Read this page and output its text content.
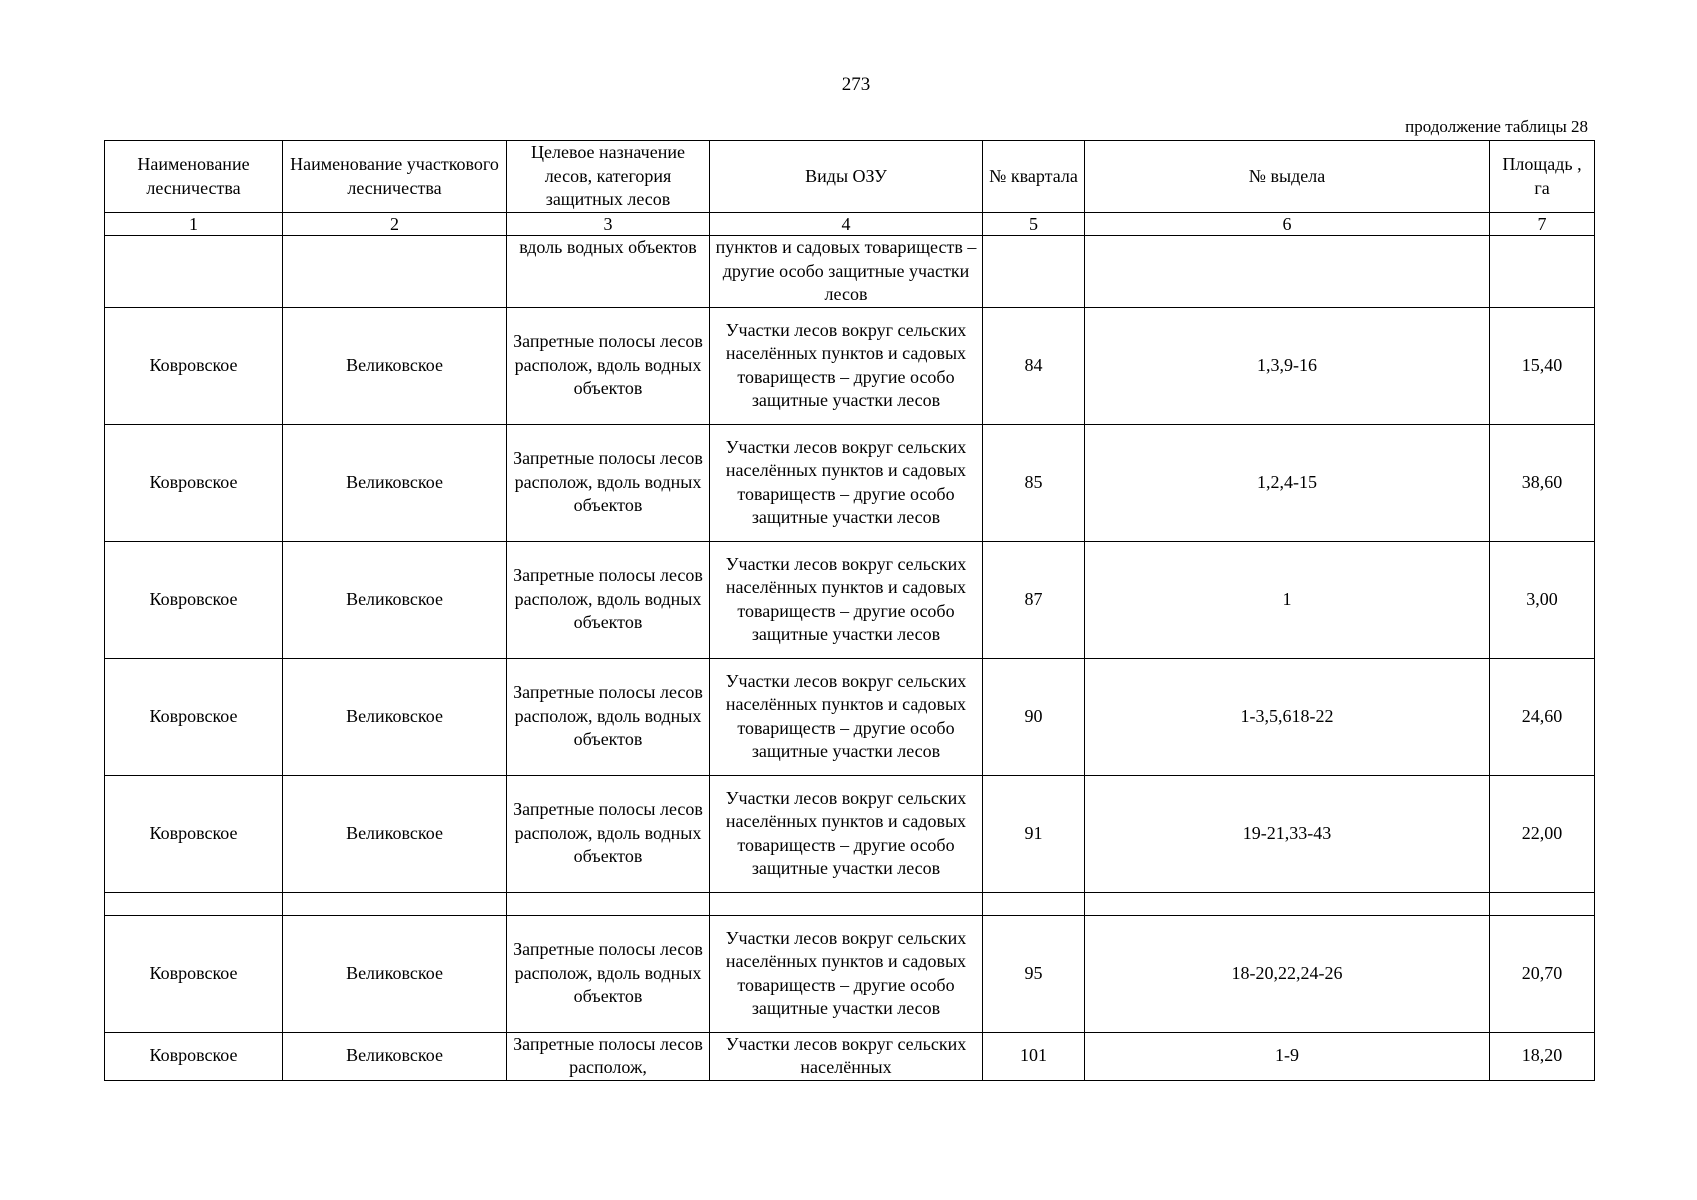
273
продолжение таблицы 28
Наименование лесничества	Наименование участкового лесничества	Целевое назначение лесов, категория защитных лесов	Виды ОЗУ	№ квартала	№ выдела	Площадь , га
1	2	3	4	5	6	7
		вдоль водных объектов	пунктов и садовых товариществ – другие особо защитные участки лесов			
Ковровское	Великовское	Запретные полосы лесов располож, вдоль водных объектов	Участки лесов вокруг сельских населённых пунктов и садовых товариществ – другие особо защитные участки лесов	84	1,3,9-16	15,40
Ковровское	Великовское	Запретные полосы лесов располож, вдоль водных объектов	Участки лесов вокруг сельских населённых пунктов и садовых товариществ – другие особо защитные участки лесов	85	1,2,4-15	38,60
Ковровское	Великовское	Запретные полосы лесов располож, вдоль водных объектов	Участки лесов вокруг сельских населённых пунктов и садовых товариществ – другие особо защитные участки лесов	87	1	3,00
Ковровское	Великовское	Запретные полосы лесов располож, вдоль водных объектов	Участки лесов вокруг сельских населённых пунктов и садовых товариществ – другие особо защитные участки лесов	90	1-3,5,618-22	24,60
Ковровское	Великовское	Запретные полосы лесов располож, вдоль водных объектов	Участки лесов вокруг сельских населённых пунктов и садовых товариществ – другие особо защитные участки лесов	91	19-21,33-43	22,00

Ковровское	Великовское	Запретные полосы лесов располож, вдоль водных объектов	Участки лесов вокруг сельских населённых пунктов и садовых товариществ – другие особо защитные участки лесов	95	18-20,22,24-26	20,70
Ковровское	Великовское	Запретные полосы лесов располож,	Участки лесов вокруг сельских населённых	101	1-9	18,20
